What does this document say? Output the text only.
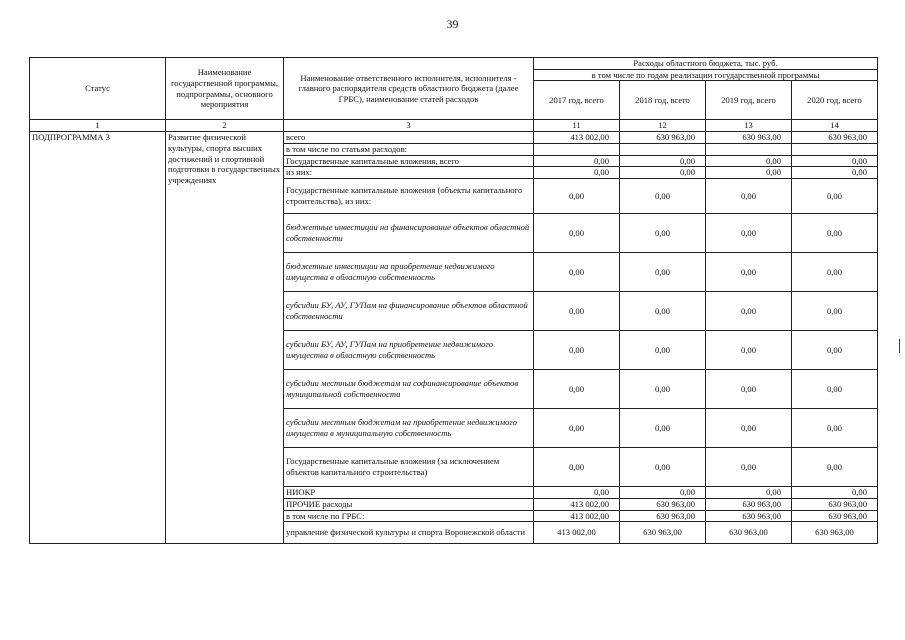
39
Статус	Наименование государственной программы, подпрограммы, основного мероприятия	Наименование ответственного исполнителя, исполнителя - главного распорядителя средств областного бюджета (далее ГРБС), наименование статей расходов	Расходы областного бюджета, тыс. руб.			
			в том числе по годам реализации государственной программы			
			2017 год, всего	2018 год, всего	2019 год, всего	2020 год, всего
1	2	3	11	12	13	14
ПОДПРОГРАММА 3	Развитие физической культуры, спорта высших достижений и спортивной подготовки в государственных учреждениях	всего	413 002,00	630 963,00	630 963,00	630 963,00
		в том числе по статьям расходов:				
		Государственные капитальные вложения, всего	0,00	0,00	0,00	0,00
		из них:	0,00	0,00	0,00	0,00
		Государственные капитальные вложения (объекты капитального строительства), из них:	0,00	0,00	0,00	0,00
		бюджетные инвестиции на финансирование объектов областной собственности	0,00	0,00	0,00	0,00
		бюджетные инвестиции на приобретение недвижимого имущества в областную собственность	0,00	0,00	0,00	0,00
		субсидии БУ, АУ, ГУПам на финансирование объектов областной собственности	0,00	0,00	0,00	0,00
		субсидии БУ, АУ, ГУПам на приобретение недвижимого имущества в областную собственность	0,00	0,00	0,00	0,00
		субсидии местным бюджетам на софинансирование объектов муниципальной собственности	0,00	0,00	0,00	0,00
		субсидии местным бюджетам на приобретение недвижимого имущества в муниципальную собственность	0,00	0,00	0,00	0,00
		Государственные капитальные вложения (за исключением объектов капитального строительства)	0,00	0,00	0,00	0,00
		НИОКР	0,00	0,00	0,00	0,00
		ПРОЧИЕ расходы	413 002,00	630 963,00	630 963,00	630 963,00
		в том числе по ГРБС:	413 002,00	630 963,00	630 963,00	630 963,00
		управление физической культуры и спорта Воронежской области	413 002,00	630 963,00	630 963,00	630 963,00
